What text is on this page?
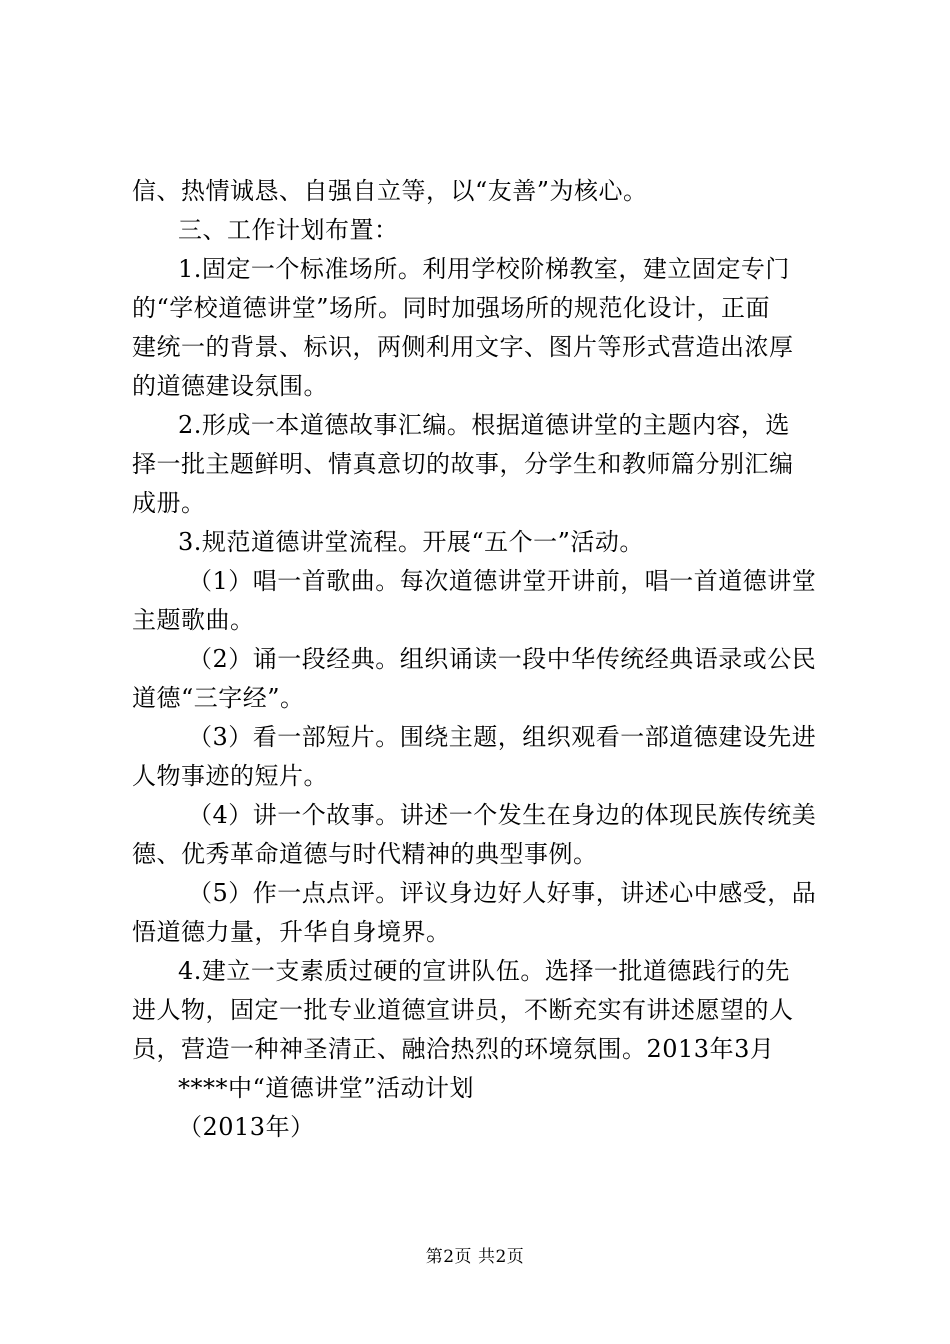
信、热情诚恳、自强自立等，以“友善”为核心。
三、工作计划布置：
1.固定一个标准场所。利用学校阶梯教室，建立固定专门
的“学校道德讲堂”场所。同时加强场所的规范化设计，正面
建统一的背景、标识，两侧利用文字、图片等形式营造出浓厚
的道德建设氛围。
2.形成一本道德故事汇编。根据道德讲堂的主题内容，选
择一批主题鲜明、情真意切的故事，分学生和教师篇分别汇编
成册。
3.规范道德讲堂流程。开展“五个一”活动。
（1）唱一首歌曲。每次道德讲堂开讲前，唱一首道德讲堂
主题歌曲。
（2）诵一段经典。组织诵读一段中华传统经典语录或公民
道德“三字经”。
（3）看一部短片。围绕主题，组织观看一部道德建设先进
人物事迹的短片。
（4）讲一个故事。讲述一个发生在身边的体现民族传统美
德、优秀革命道德与时代精神的典型事例。
（5）作一点点评。评议身边好人好事，讲述心中感受，品
悟道德力量，升华自身境界。
4.建立一支素质过硬的宣讲队伍。选择一批道德践行的先
进人物，固定一批专业道德宣讲员，不断充实有讲述愿望的人
员，营造一种神圣清正、融洽热烈的环境氛围。2013年3月
****中“道德讲堂”活动计划
（2013年）
第2页 共2页
